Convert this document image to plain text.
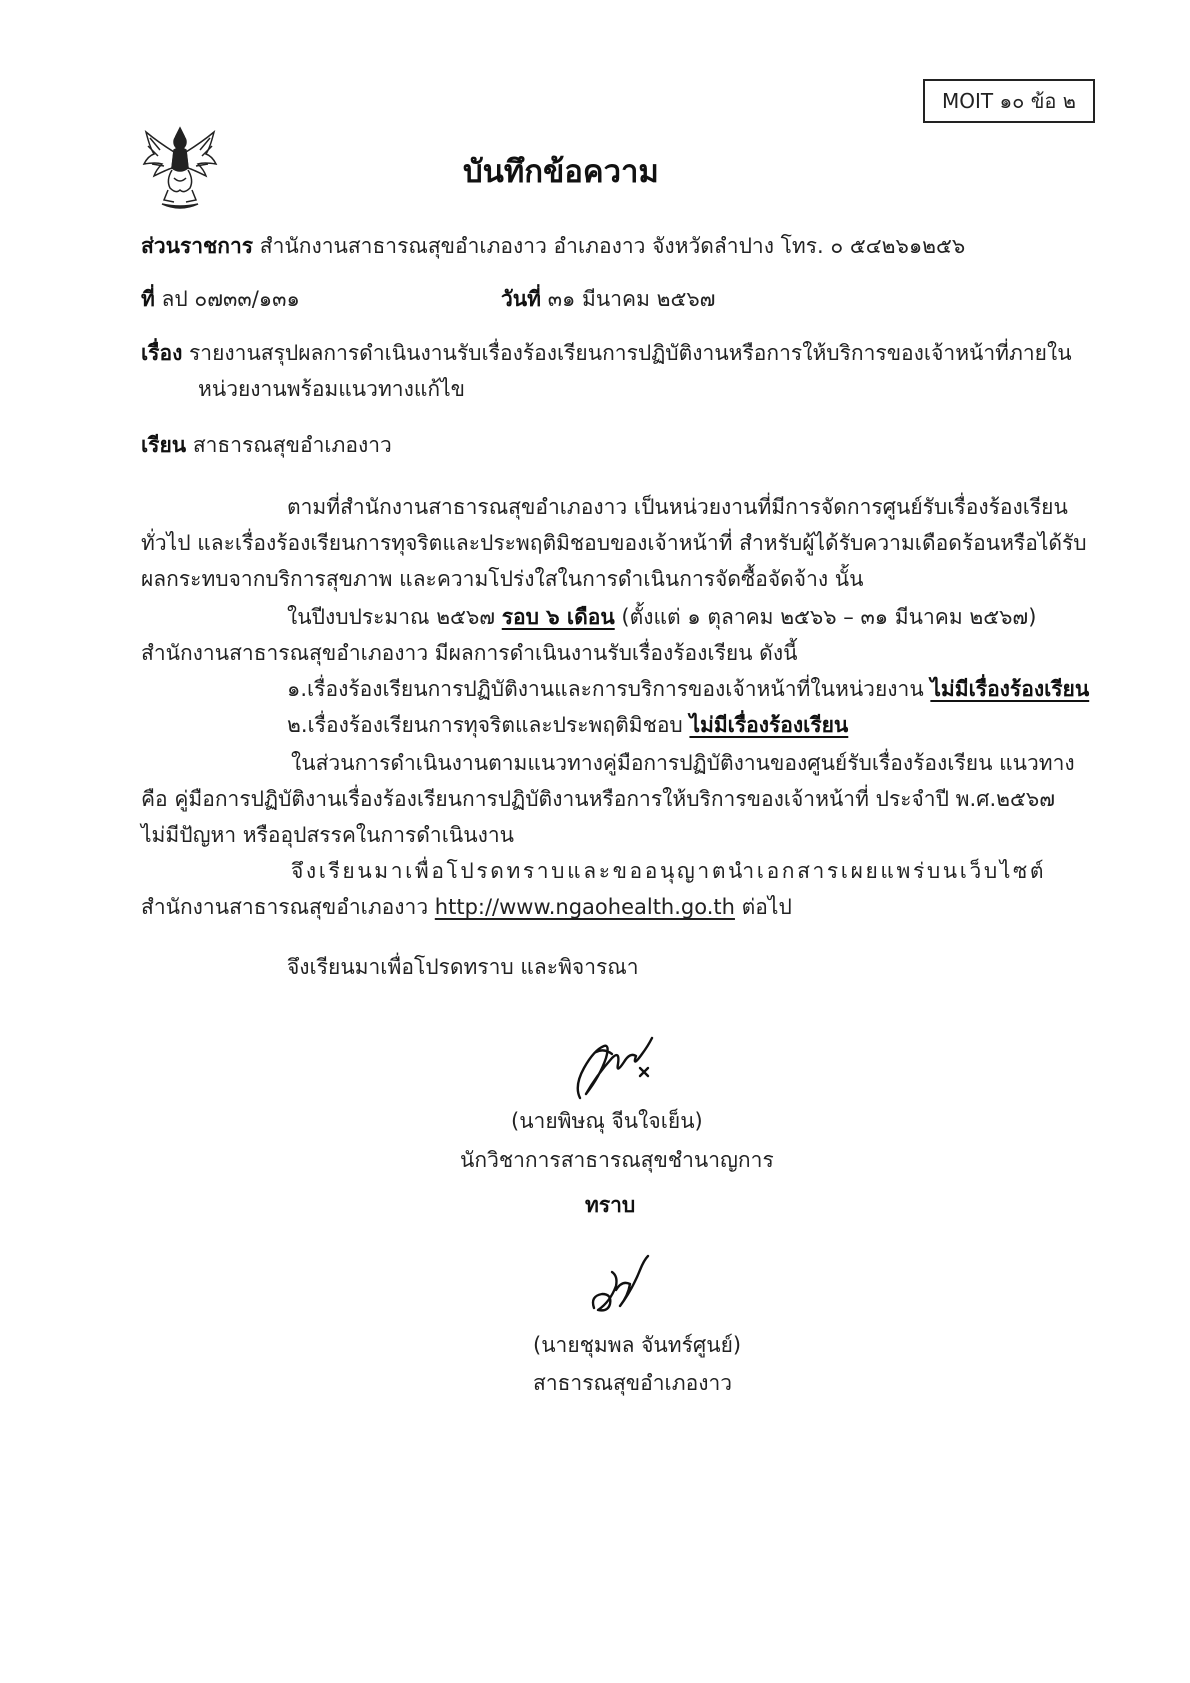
MOIT ๑๐ ข้อ ๒
บันทึกข้อความ
ส่วนราชการ สำนักงานสาธารณสุขอำเภองาว อำเภองาว จังหวัดลำปาง โทร. ๐ ๕๔๒๖๑๒๕๖
ที่ ลป ๐๗๓๓/๑๓๑	วันที่ ๓๑ มีนาคม ๒๕๖๗
เรื่อง รายงานสรุปผลการดำเนินงานรับเรื่องร้องเรียนการปฏิบัติงานหรือการให้บริการของเจ้าหน้าที่ภายใน
หน่วยงานพร้อมแนวทางแก้ไข
เรียน สาธารณสุขอำเภองาว
ตามที่สำนักงานสาธารณสุขอำเภองาว เป็นหน่วยงานที่มีการจัดการศูนย์รับเรื่องร้องเรียน
ทั่วไป และเรื่องร้องเรียนการทุจริตและประพฤติมิชอบของเจ้าหน้าที่ สำหรับผู้ได้รับความเดือดร้อนหรือได้รับ
ผลกระทบจากบริการสุขภาพ และความโปร่งใสในการดำเนินการจัดซื้อจัดจ้าง นั้น
ในปีงบประมาณ ๒๕๖๗ รอบ ๖ เดือน (ตั้งแต่ ๑ ตุลาคม ๒๕๖๖ – ๓๑ มีนาคม ๒๕๖๗)
สำนักงานสาธารณสุขอำเภองาว มีผลการดำเนินงานรับเรื่องร้องเรียน ดังนี้
๑.เรื่องร้องเรียนการปฏิบัติงานและการบริการของเจ้าหน้าที่ในหน่วยงาน ไม่มีเรื่องร้องเรียน
๒.เรื่องร้องเรียนการทุจริตและประพฤติมิชอบ ไม่มีเรื่องร้องเรียน
ในส่วนการดำเนินงานตามแนวทางคู่มือการปฏิบัติงานของศูนย์รับเรื่องร้องเรียน แนวทาง
คือ คู่มือการปฏิบัติงานเรื่องร้องเรียนการปฏิบัติงานหรือการให้บริการของเจ้าหน้าที่ ประจำปี พ.ศ.๒๕๖๗
ไม่มีปัญหา หรืออุปสรรคในการดำเนินงาน
จึงเรียนมาเพื่อโปรดทราบและขออนุญาตนำเอกสารเผยแพร่บนเว็บไซต์
สำนักงานสาธารณสุขอำเภองาว http://www.ngaohealth.go.th ต่อไป
จึงเรียนมาเพื่อโปรดทราบ และพิจารณา
(นายพิษณุ จีนใจเย็น)
นักวิชาการสาธารณสุขชำนาญการ
ทราบ
(นายชุมพล จันทร์ศูนย์)
สาธารณสุขอำเภองาว
